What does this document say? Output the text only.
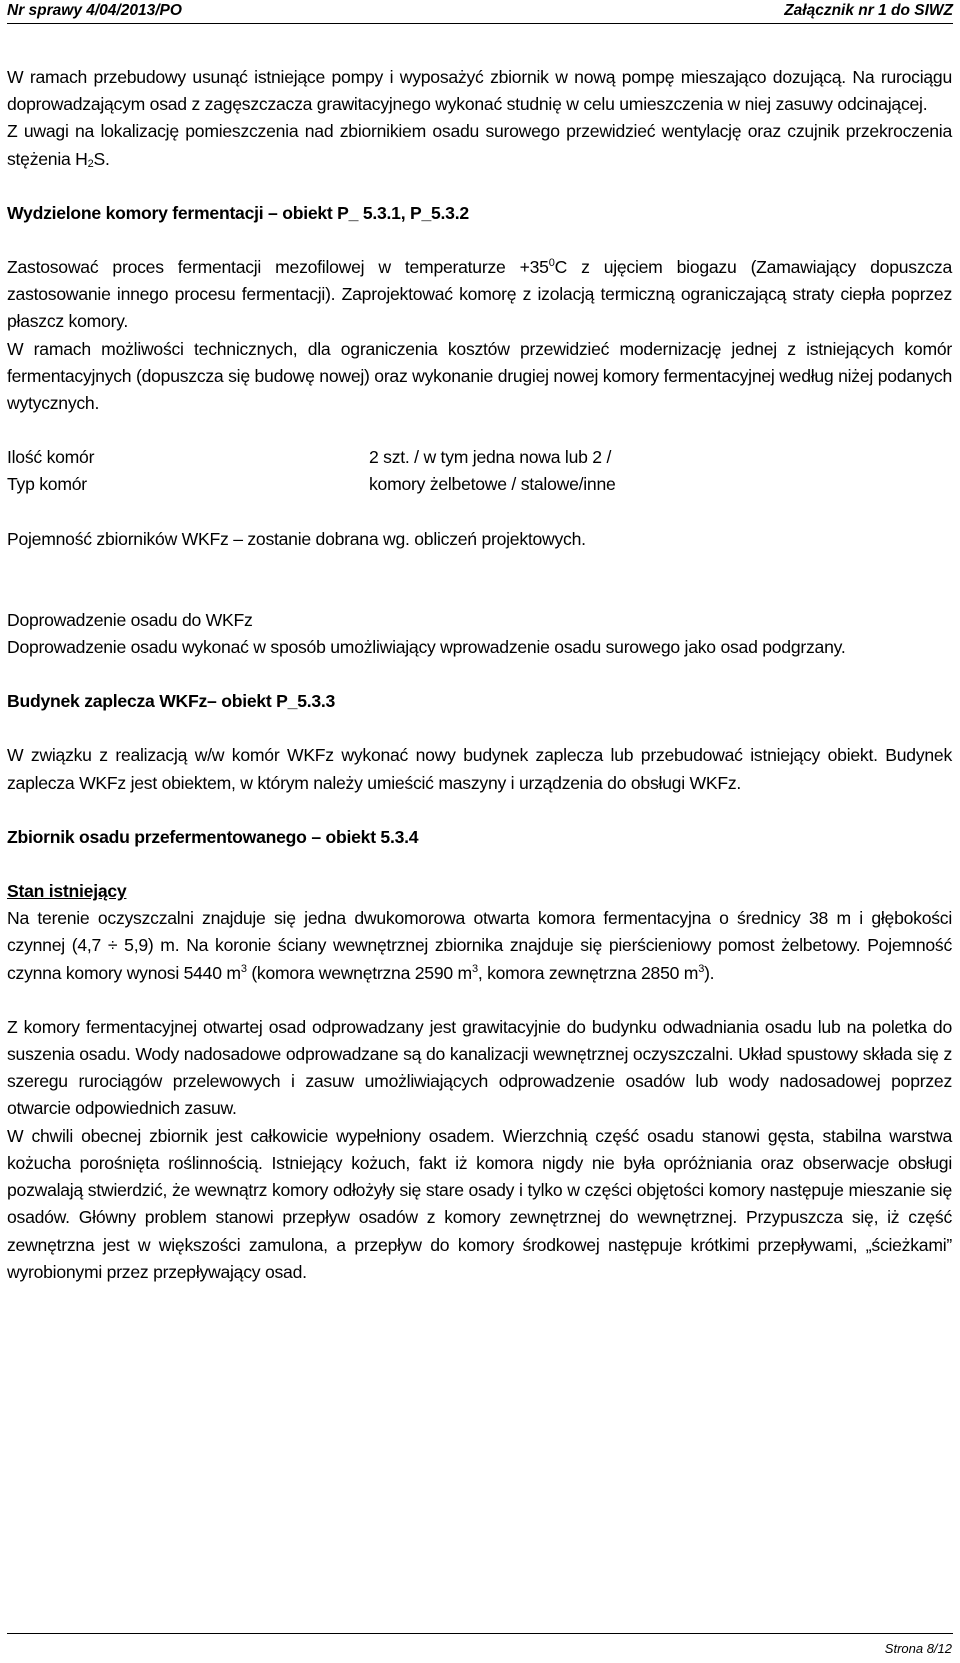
Nr sprawy 4/04/2013/PO	Załącznik nr 1 do SIWZ

W ramach przebudowy usunąć istniejące pompy i wyposażyć zbiornik w nową pompę mieszająco dozującą. Na rurociągu doprowadzającym osad z zagęszczacza grawitacyjnego wykonać studnię w celu umieszczenia w niej zasuwy odcinającej.

Z uwagi na lokalizację pomieszczenia nad zbiornikiem osadu surowego przewidzieć wentylację oraz czujnik przekroczenia stężenia $H_2S$.

Wydzielone komory fermentacji – obiekt P_ 5.3.1, P_5.3.2

Zastosować proces fermentacji mezofilowej w temperaturze $+35^0C$ z ujęciem biogazu (Zamawiający dopuszcza zastosowanie innego procesu fermentacji). Zaprojektować komorę z izolacją termiczną ograniczającą straty ciepła poprzez płaszcz komory.

W ramach możliwości technicznych, dla ograniczenia kosztów przewidzieć modernizację jednej z istniejących komór fermentacyjnych (dopuszcza się budowę nowej) oraz wykonanie drugiej nowej komory fermentacyjnej według niżej podanych wytycznych.

Ilość komór	2 szt. / w tym jedna nowa lub 2 /
Typ komór	komory żelbetowe / stalowe/inne

Pojemność zbiorników WKFz – zostanie dobrana wg. obliczeń projektowych.

Doprowadzenie osadu do WKFz

Doprowadzenie osadu wykonać w sposób umożliwiający wprowadzenie osadu surowego jako osad podgrzany.

Budynek zaplecza WKFz– obiekt P_5.3.3

W związku z realizacją w/w komór WKFz wykonać nowy budynek zaplecza lub przebudować istniejący obiekt. Budynek zaplecza WKFz jest obiektem, w którym należy umieścić maszyny i urządzenia do obsługi WKFz.

Zbiornik osadu przefermentowanego – obiekt 5.3.4

Stan istniejący

Na terenie oczyszczalni znajduje się jedna dwukomorowa otwarta komora fermentacyjna o średnicy 38 m i głębokości czynnej (4,7 ÷ 5,9) m. Na koronie ściany wewnętrznej zbiornika znajduje się pierścieniowy pomost żelbetowy. Pojemność czynna komory wynosi 5440 $m^3$ (komora wewnętrzna 2590 $m^3$, komora zewnętrzna 2850 $m^3$).

Z komory fermentacyjnej otwartej osad odprowadzany jest grawitacyjnie do budynku odwadniania osadu lub na poletka do suszenia osadu. Wody nadosadowe odprowadzane są do kanalizacji wewnętrznej oczyszczalni. Układ spustowy składa się z szeregu rurociągów przelewowych i zasuw umożliwiających odprowadzenie osadów lub wody nadosadowej poprzez otwarcie odpowiednich zasuw.

W chwili obecnej zbiornik jest całkowicie wypełniony osadem. Wierzchnią część osadu stanowi gęsta, stabilna warstwa kożucha porośnięta roślinnością. Istniejący kożuch, fakt iż komora nigdy nie była opróżniania oraz obserwacje obsługi pozwalają stwierdzić, że wewnątrz komory odłożyły się stare osady i tylko w części objętości komory następuje mieszanie się osadów. Główny problem stanowi przepływ osadów z komory zewnętrznej do wewnętrznej. Przypuszcza się, iż część zewnętrzna jest w większości zamulona, a przepływ do komory środkowej następuje krótkimi przepływami, „ścieżkami” wyrobionymi przez przepływający osad.

Strona 8/12
